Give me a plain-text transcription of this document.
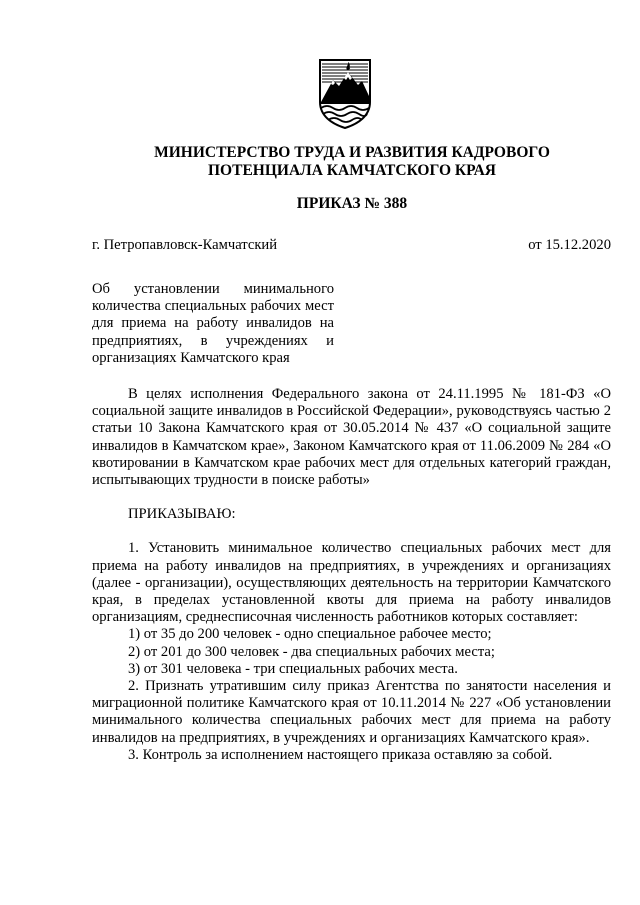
МИНИСТЕРСТВО ТРУДА И РАЗВИТИЯ КАДРОВОГО
ПОТЕНЦИАЛА КАМЧАТСКОГО КРАЯ
ПРИКАЗ № 388
г. Петропавловск-Камчатский	от 15.12.2020
Об установлении минимального количества специальных рабочих мест для приема на работу инвалидов на предприятиях, в учреждениях и организациях Камчатского края

В целях исполнения Федерального закона от 24.11.1995 № 181-ФЗ «О социальной защите инвалидов в Российской Федерации», руководствуясь частью 2 статьи 10 Закона Камчатского края от 30.05.2014 № 437 «О социальной защите инвалидов в Камчатском крае», Законом Камчатского края от 11.06.2009 № 284 «О квотировании в Камчатском крае рабочих мест для отдельных категорий граждан, испытывающих трудности в поиске работы»

ПРИКАЗЫВАЮ:

1. Установить минимальное количество специальных рабочих мест для приема на работу инвалидов на предприятиях, в учреждениях и организациях (далее - организации), осуществляющих деятельность на территории Камчатского края, в пределах установленной квоты для приема на работу инвалидов организациям, среднесписочная численность работников которых составляет:

1) от 35 до 200 человек - одно специальное рабочее место;

2) от 201 до 300 человек - два специальных рабочих места;

3) от 301 человека - три специальных рабочих места.

2. Признать утратившим силу приказ Агентства по занятости населения и миграционной политике Камчатского края от 10.11.2014 № 227 «Об установлении минимального количества специальных рабочих мест для приема на работу инвалидов на предприятиях, в учреждениях и организациях Камчатского края».

3. Контроль за исполнением настоящего приказа оставляю за собой.
